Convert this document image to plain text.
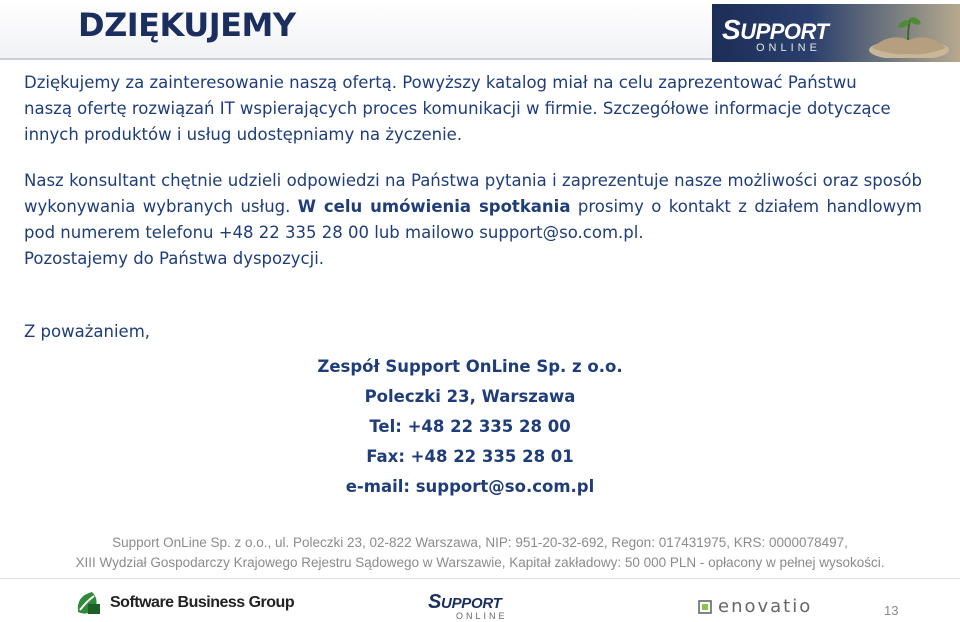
DZIĘKUJEMY	SUPPORT
ONLINE

Dziękujemy za zainteresowanie naszą ofertą. Powyższy katalog miał na celu zaprezentować Państwu
naszą ofertę rozwiązań IT wspierających proces komunikacji w firmie. Szczegółowe informacje dotyczące
innych produktów i usług udostępniamy na życzenie.

Nasz konsultant chętnie udzieli odpowiedzi na Państwa pytania i zaprezentuje nasze możliwości oraz sposób wykonywania wybranych usług. W celu umówienia spotkania prosimy o kontakt z działem handlowym pod numerem telefonu +48 22 335 28 00 lub mailowo support@so.com.pl.

Pozostajemy do Państwa dyspozycji.

Z poważaniem,

Zespół Support OnLine Sp. z o.o.
Poleczki 23, Warszawa
Tel: +48 22 335 28 00
Fax: +48 22 335 28 01
e-mail: support@so.com.pl
Support OnLine Sp. z o.o., ul. Poleczki 23, 02-822 Warszawa, NIP: 951-20-32-692, Regon: 017431975, KRS: 0000078497,
XIII Wydział Gospodarczy Krajowego Rejestru Sądowego w Warszawie, Kapitał zakładowy: 50 000 PLN - opłacony w pełnej wysokości.
Software Business Group	SUPPORT
ONLINE	enovatio	13
